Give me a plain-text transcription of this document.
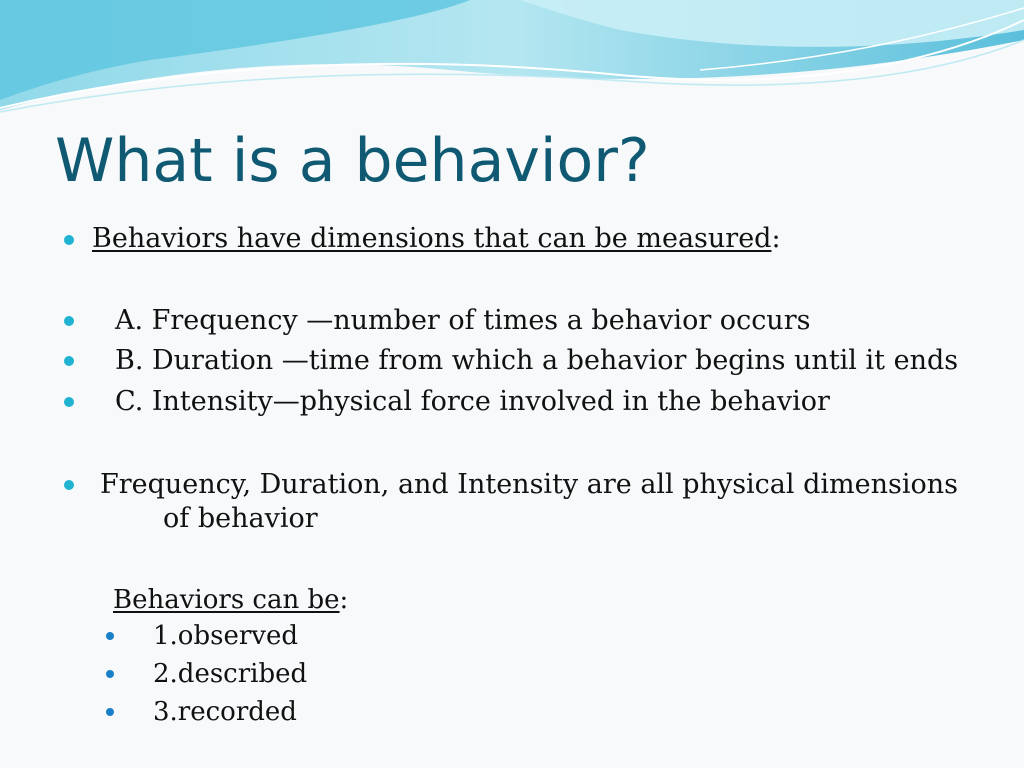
What is a behavior?
Behaviors have dimensions that can be measured:
A. Frequency —number of times a behavior occurs
B. Duration —time from which a behavior begins until it ends
C. Intensity—physical force involved in the behavior
Frequency, Duration, and Intensity are all physical dimensions
of behavior
Behaviors can be:
1.observed
2.described
3.recorded
